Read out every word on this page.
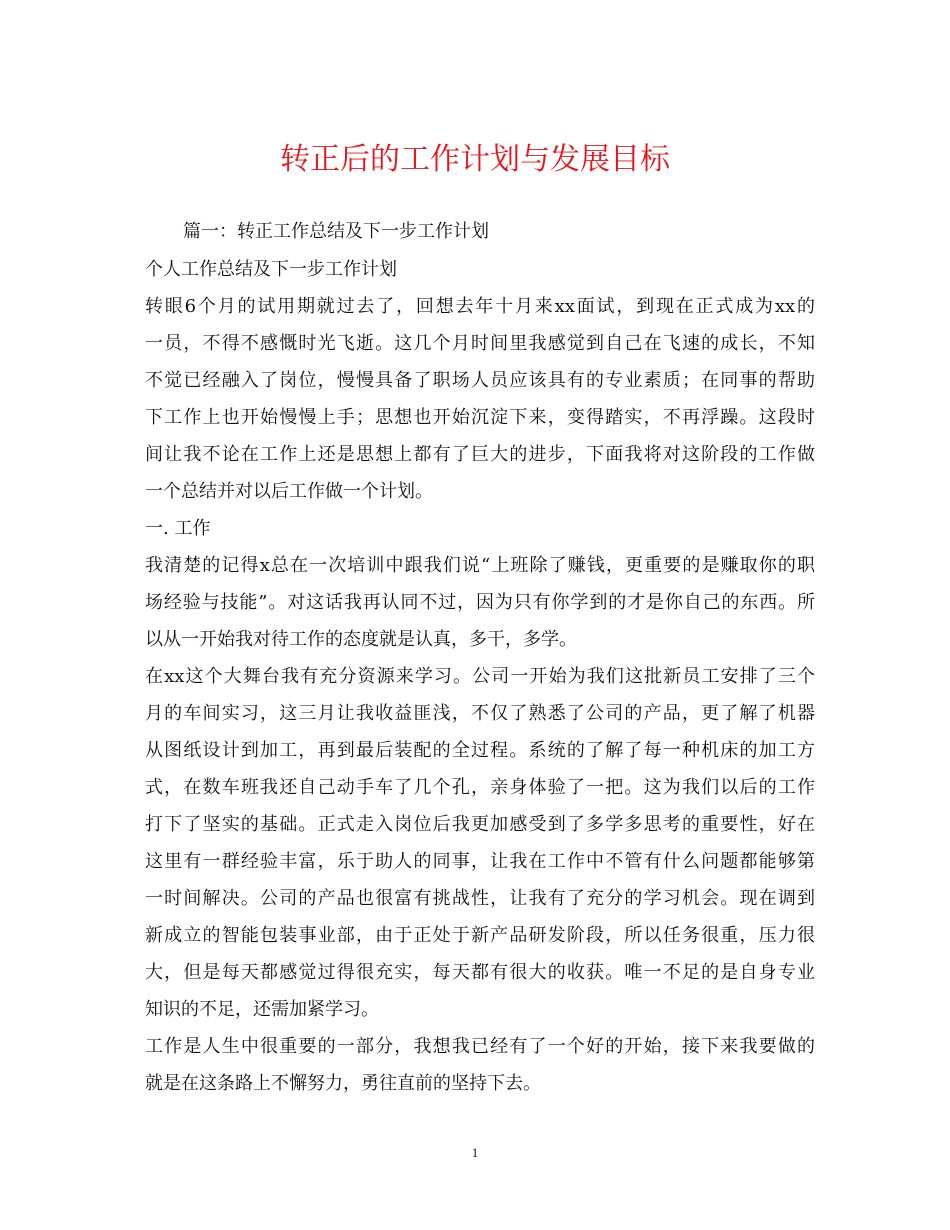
转正后的工作计划与发展目标
篇一：转正工作总结及下一步工作计划
个人工作总结及下一步工作计划
转眼6个月的试用期就过去了，回想去年十月来xx面试，到现在正式成为xx的
一员，不得不感慨时光飞逝。这几个月时间里我感觉到自己在飞速的成长，不知
不觉已经融入了岗位，慢慢具备了职场人员应该具有的专业素质；在同事的帮助
下工作上也开始慢慢上手；思想也开始沉淀下来，变得踏实，不再浮躁。这段时
间让我不论在工作上还是思想上都有了巨大的进步，下面我将对这阶段的工作做
一个总结并对以后工作做一个计划。
一. 工作
我清楚的记得x总在一次培训中跟我们说“上班除了赚钱，更重要的是赚取你的职
场经验与技能”。对这话我再认同不过，因为只有你学到的才是你自己的东西。所
以从一开始我对待工作的态度就是认真，多干，多学。
在xx这个大舞台我有充分资源来学习。公司一开始为我们这批新员工安排了三个
月的车间实习，这三月让我收益匪浅，不仅了熟悉了公司的产品，更了解了机器
从图纸设计到加工，再到最后装配的全过程。系统的了解了每一种机床的加工方
式，在数车班我还自己动手车了几个孔，亲身体验了一把。这为我们以后的工作
打下了坚实的基础。正式走入岗位后我更加感受到了多学多思考的重要性，好在
这里有一群经验丰富，乐于助人的同事，让我在工作中不管有什么问题都能够第
一时间解决。公司的产品也很富有挑战性，让我有了充分的学习机会。现在调到
新成立的智能包装事业部，由于正处于新产品研发阶段，所以任务很重，压力很
大，但是每天都感觉过得很充实，每天都有很大的收获。唯一不足的是自身专业
知识的不足，还需加紧学习。
工作是人生中很重要的一部分，我想我已经有了一个好的开始，接下来我要做的
就是在这条路上不懈努力，勇往直前的坚持下去。
1
